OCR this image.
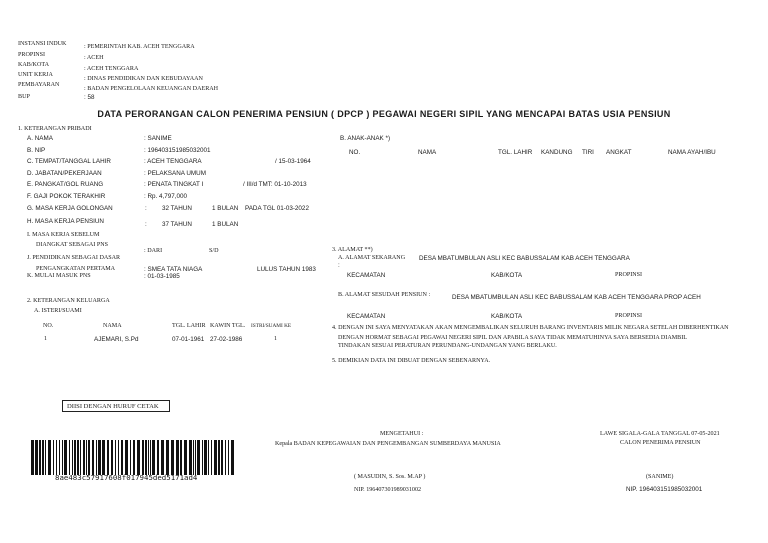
INSTANSI INDUK	: PEMERINTAH KAB. ACEH TENGGARA
PROPINSI	: ACEH
KAB/KOTA
: ACEH TENGGARA
UNIT KERJA
: DINAS PENDIDIKAN DAN KEBUDAYAAN
PEMBAYARAN
: BADAN PENGELOLAAN KEUANGAN DAERAH
BUP	: 58
DATA PERORANGAN CALON PENERIMA PENSIUN ( DPCP ) PEGAWAI NEGERI SIPIL YANG MENCAPAI BATAS USIA PENSIUN
1. KETERANGAN PRIBADI
A. NAMA	: SANIME
B. NIP	: 196403151985032001
C. TEMPAT/TANGGAL LAHIR	: ACEH TENGGARA	/ 15-03-1964
D. JABATAN/PEKERJAAN	: PELAKSANA UMUM
E. PANGKAT/GOL RUANG	: PENATA TINGKAT I	/ III/d TMT: 01-10-2013
F. GAJI POKOK TERAKHIR	: Rp. 4,797,000
G. MASA KERJA GOLONGAN	: 32 TAHUN	1 BULAN PADA TGL 01-03-2022
H. MASA KERJA PENSIUN	: 37 TAHUN	1 BULAN
I. MASA KERJA SEBELUM
DIANGKAT SEBAGAI PNS
: DARI	S/D
J. PENDIDIKAN SEBAGAI DASAR
PENGANGKATAN PERTAMA	: SMEA TATA NIAGA	LULUS TAHUN 1983
K. MULAI MASUK PNS	: 01-03-1985
B. ANAK-ANAK *)
NO.	NAMA	TGL. LAHIR KANDUNG TIRI ANGKAT	NAMA AYAH/IBU
3. ALAMAT **)
A. ALAMAT SEKARANG
:
DESA MBATUMBULAN ASLI KEC BABUSSALAM KAB ACEH TENGGARA
KECAMATAN	KAB/KOTA	PROPINSI
B. ALAMAT SESUDAH PENSIUN :	DESA MBATUMBULAN ASLI KEC BABUSSALAM KAB ACEH TENGGARA PROP ACEH
KECAMATAN	KAB/KOTA	PROPINSI
2. KETERANGAN KELUARGA
A. ISTERI/SUAMI
NO.	NAMA	TGL. LAHIR KAWIN TGL. ISTRI/SUAMI KE
1	AJEMARI, S.Pd	07-01-1961 27-02-1986	1
4. DENGAN INI SAYA MENYATAKAN AKAN MENGEMBALIKAN SELURUH BARANG INVENTARIS MILIK NEGARA SETELAH DIBERHENTIKAN
DENGAN HORMAT SEBAGAI PEGAWAI NEGERI SIPIL DAN APABILA SAYA TIDAK MEMATUHINYA SAYA BERSEDIA DIAMBIL
TINDAKAN SESUAI PERATURAN PERUNDANG-UNDANGAN YANG BERLAKU.
5. DEMIKIAN DATA INI DIBUAT DENGAN SEBENARNYA.
DIISI DENGAN HURUF CETAK
MENGETAHUI :
Kepala BADAN KEPEGAWAIAN DAN PENGEMBANGAN SUMBERDAYA MANUSIA
( MASUDIN, S. Sos. M.AP )
NIP. 196407301989031002
LAWE SIGALA-GALA TANGGAL 07-05-2021
CALON PENERIMA PENSIUN
(SANIME)
NIP. 196403151985032001
8ae483c57917608f017945ded5171ad4
